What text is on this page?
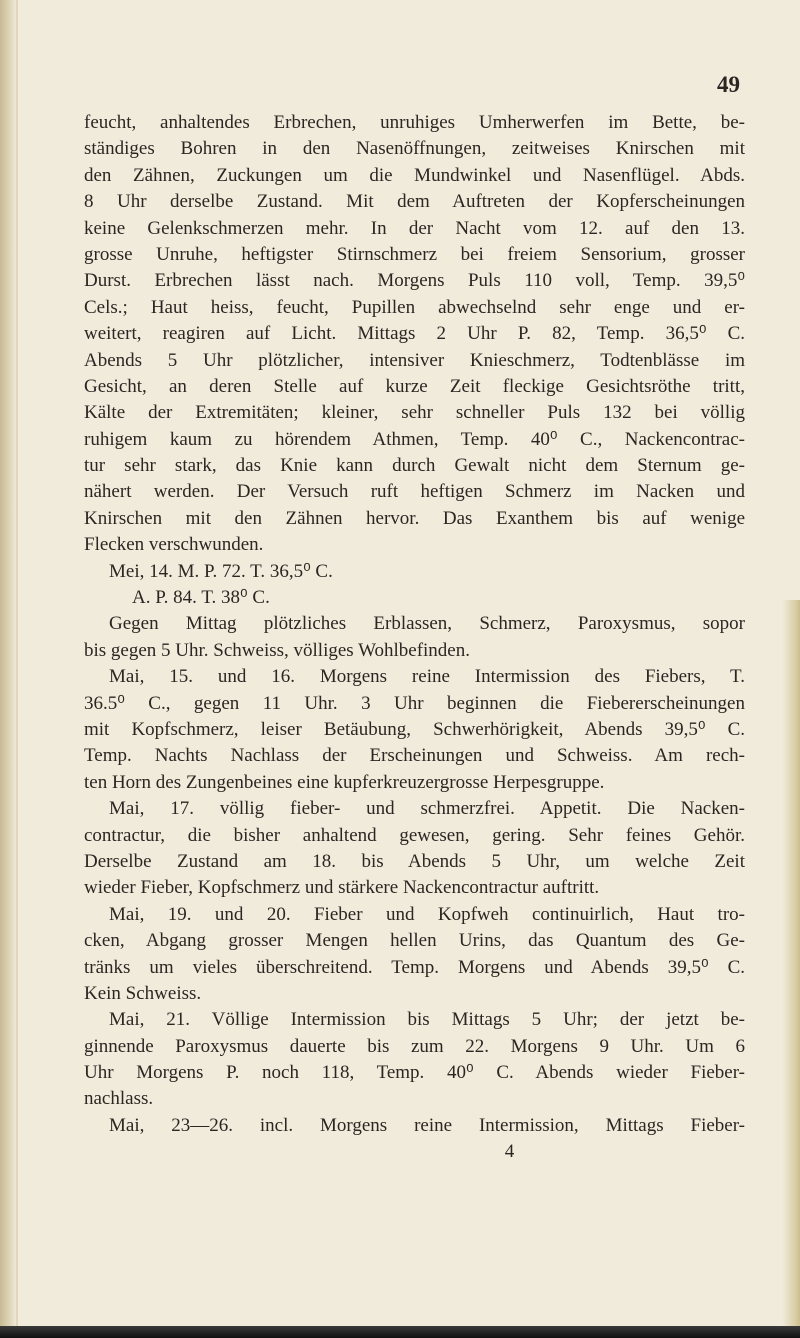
49

feucht, anhaltendes Erbrechen, unruhiges Umherwerfen im Bette, be-

ständiges Bohren in den Nasenöffnungen, zeitweises Knirschen mit

den Zähnen, Zuckungen um die Mundwinkel und Nasenflügel. Abds.

8 Uhr derselbe Zustand. Mit dem Auftreten der Kopferscheinungen

keine Gelenkschmerzen mehr. In der Nacht vom 12. auf den 13.

grosse Unruhe, heftigster Stirnschmerz bei freiem Sensorium, grosser

Durst. Erbrechen lässt nach. Morgens Puls 110 voll, Temp. 39,5⁰

Cels.; Haut heiss, feucht, Pupillen abwechselnd sehr enge und er-

weitert, reagiren auf Licht. Mittags 2 Uhr P. 82, Temp. 36,5⁰ C.

Abends 5 Uhr plötzlicher, intensiver Knieschmerz, Todtenblässe im

Gesicht, an deren Stelle auf kurze Zeit fleckige Gesichtsröthe tritt,

Kälte der Extremitäten; kleiner, sehr schneller Puls 132 bei völlig

ruhigem kaum zu hörendem Athmen, Temp. 40⁰ C., Nackencontrac-

tur sehr stark, das Knie kann durch Gewalt nicht dem Sternum ge-

nähert werden. Der Versuch ruft heftigen Schmerz im Nacken und

Knirschen mit den Zähnen hervor. Das Exanthem bis auf wenige

Flecken verschwunden.

Mei, 14. M. P. 72. T. 36,5⁰ C.

A. P. 84. T. 38⁰ C.

Gegen Mittag plötzliches Erblassen, Schmerz, Paroxysmus, sopor

bis gegen 5 Uhr. Schweiss, völliges Wohlbefinden.

Mai, 15. und 16. Morgens reine Intermission des Fiebers, T.

36.5⁰ C., gegen 11 Uhr. 3 Uhr beginnen die Fiebererscheinungen

mit Kopfschmerz, leiser Betäubung, Schwerhörigkeit, Abends 39,5⁰ C.

Temp. Nachts Nachlass der Erscheinungen und Schweiss. Am rech-

ten Horn des Zungenbeines eine kupferkreuzergrosse Herpesgruppe.

Mai, 17. völlig fieber- und schmerzfrei. Appetit. Die Nacken-

contractur, die bisher anhaltend gewesen, gering. Sehr feines Gehör.

Derselbe Zustand am 18. bis Abends 5 Uhr, um welche Zeit

wieder Fieber, Kopfschmerz und stärkere Nackencontractur auftritt.

Mai, 19. und 20. Fieber und Kopfweh continuirlich, Haut tro-

cken, Abgang grosser Mengen hellen Urins, das Quantum des Ge-

tränks um vieles überschreitend. Temp. Morgens und Abends 39,5⁰ C.

Kein Schweiss.

Mai, 21. Völlige Intermission bis Mittags 5 Uhr; der jetzt be-

ginnende Paroxysmus dauerte bis zum 22. Morgens 9 Uhr. Um 6

Uhr Morgens P. noch 118, Temp. 40⁰ C. Abends wieder Fieber-

nachlass.

Mai, 23—26. incl. Morgens reine Intermission, Mittags Fieber-

4
